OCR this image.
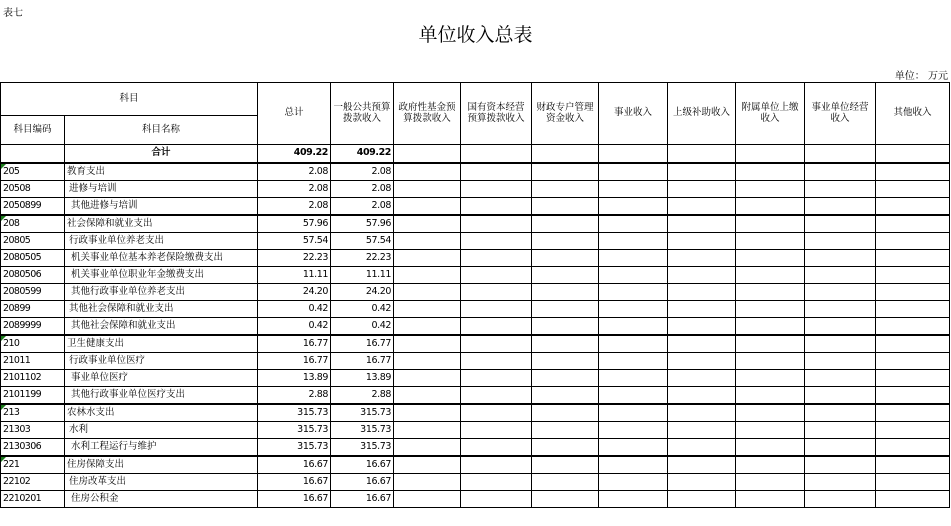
表七
单位收入总表
单位： 万元
科目		总计	一般公共预算拨款收入	政府性基金预算拨款收入	国有资本经营预算拨款收入	财政专户管理资金收入	事业收入	上级补助收入	附属单位上缴收入	事业单位经营收入	其他收入
科目编码	科目名称										
	合计	409.22	409.22								
205	教育支出	2.08	2.08								
20508	进修与培训	2.08	2.08								
2050899	其他进修与培训	2.08	2.08								
208	社会保障和就业支出	57.96	57.96								
20805	行政事业单位养老支出	57.54	57.54								
2080505	机关事业单位基本养老保险缴费支出	22.23	22.23								
2080506	机关事业单位职业年金缴费支出	11.11	11.11								
2080599	其他行政事业单位养老支出	24.20	24.20								
20899	其他社会保障和就业支出	0.42	0.42								
2089999	其他社会保障和就业支出	0.42	0.42								
210	卫生健康支出	16.77	16.77								
21011	行政事业单位医疗	16.77	16.77								
2101102	事业单位医疗	13.89	13.89								
2101199	其他行政事业单位医疗支出	2.88	2.88								
213	农林水支出	315.73	315.73								
21303	水利	315.73	315.73								
2130306	水利工程运行与维护	315.73	315.73								
221	住房保障支出	16.67	16.67								
22102	住房改革支出	16.67	16.67								
2210201	住房公积金	16.67	16.67								
